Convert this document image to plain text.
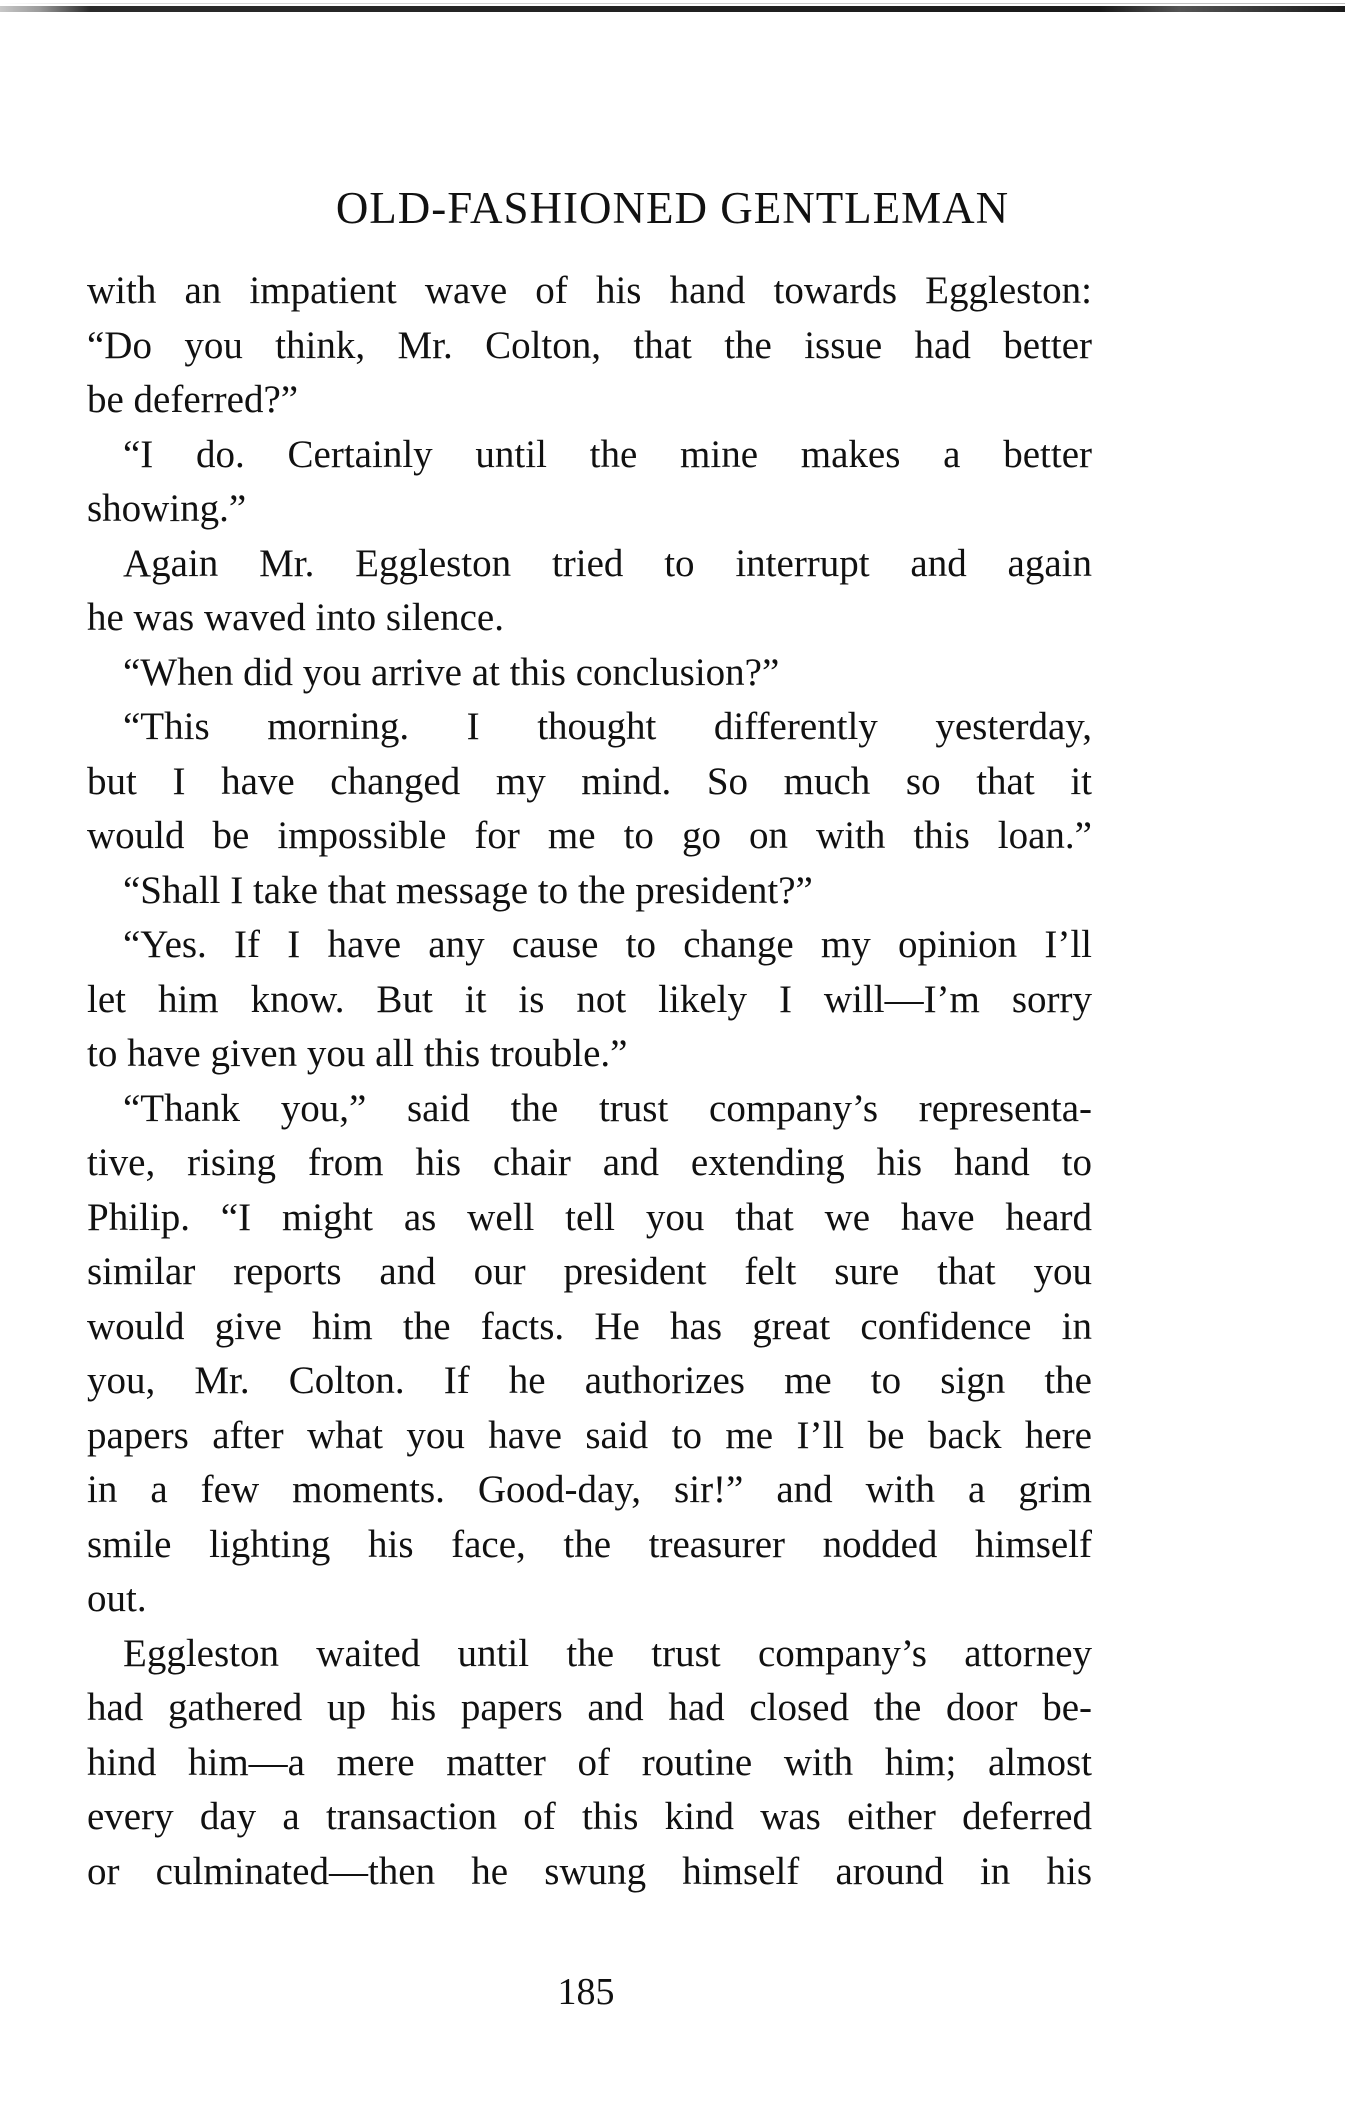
OLD-FASHIONED GENTLEMAN
with an impatient wave of his hand towards Eggleston:
“Do you think, Mr. Colton, that the issue had better
be deferred?”
“I do. Certainly until the mine makes a better
showing.”
Again Mr. Eggleston tried to interrupt and again
he was waved into silence.
“When did you arrive at this conclusion?”
“This morning. I thought differently yesterday,
but I have changed my mind. So much so that it
would be impossible for me to go on with this loan.”
“Shall I take that message to the president?”
“Yes. If I have any cause to change my opinion I’ll
let him know. But it is not likely I will—I’m sorry
to have given you all this trouble.”
“Thank you,” said the trust company’s representa-
tive, rising from his chair and extending his hand to
Philip. “I might as well tell you that we have heard
similar reports and our president felt sure that you
would give him the facts. He has great confidence in
you, Mr. Colton. If he authorizes me to sign the
papers after what you have said to me I’ll be back here
in a few moments. Good-day, sir!” and with a grim
smile lighting his face, the treasurer nodded himself
out.
Eggleston waited until the trust company’s attorney
had gathered up his papers and had closed the door be-
hind him—a mere matter of routine with him; almost
every day a transaction of this kind was either deferred
or culminated—then he swung himself around in his
185
